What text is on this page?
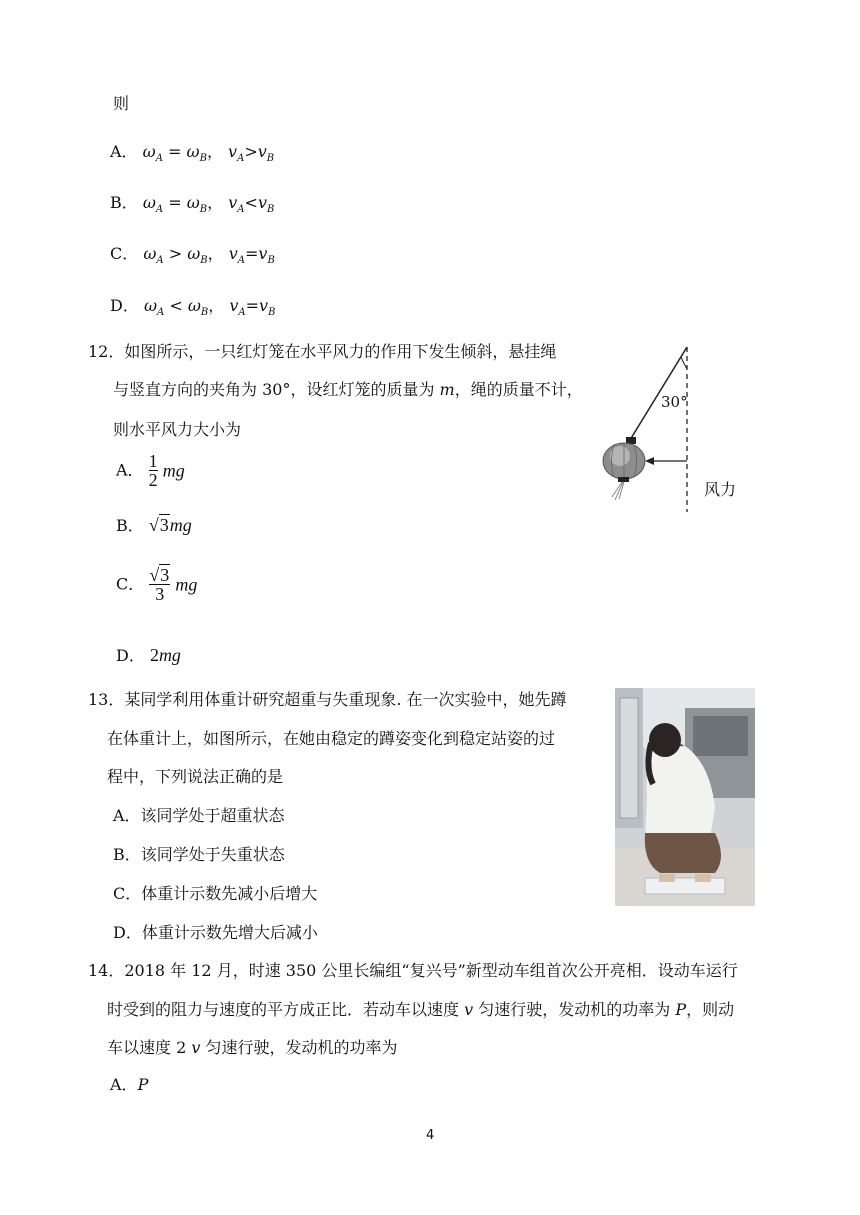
则
A． $\omega_A = \omega_B$， $v_A>v_B$
B． $\omega_A = \omega_B$， $v_A<v_B$
C． $\omega_A > \omega_B$， $v_A=v_B$
D． $\omega_A < \omega_B$， $v_A=v_B$
12．如图所示，一只红灯笼在水平风力的作用下发生倾斜，悬挂绳
与竖直方向的夹角为 30°，设红灯笼的质量为 m，绳的质量不计，
则水平风力大小为
A． $\frac{1}{2}$ mg
B． √3mg
C． $\frac{√3}{3}$ mg
D． 2mg
30°
风力
13．某同学利用体重计研究超重与失重现象. 在一次实验中，她先蹲
在体重计上，如图所示，在她由稳定的蹲姿变化到稳定站姿的过
程中，下列说法正确的是
A．该同学处于超重状态
B．该同学处于失重状态
C．体重计示数先减小后增大
D．体重计示数先增大后减小
14．2018 年 12 月，时速 350 公里长编组“复兴号”新型动车组首次公开亮相．设动车运行
时受到的阻力与速度的平方成正比．若动车以速度 v 匀速行驶，发动机的功率为 P，则动
车以速度 2 v 匀速行驶，发动机的功率为
A．P
4
